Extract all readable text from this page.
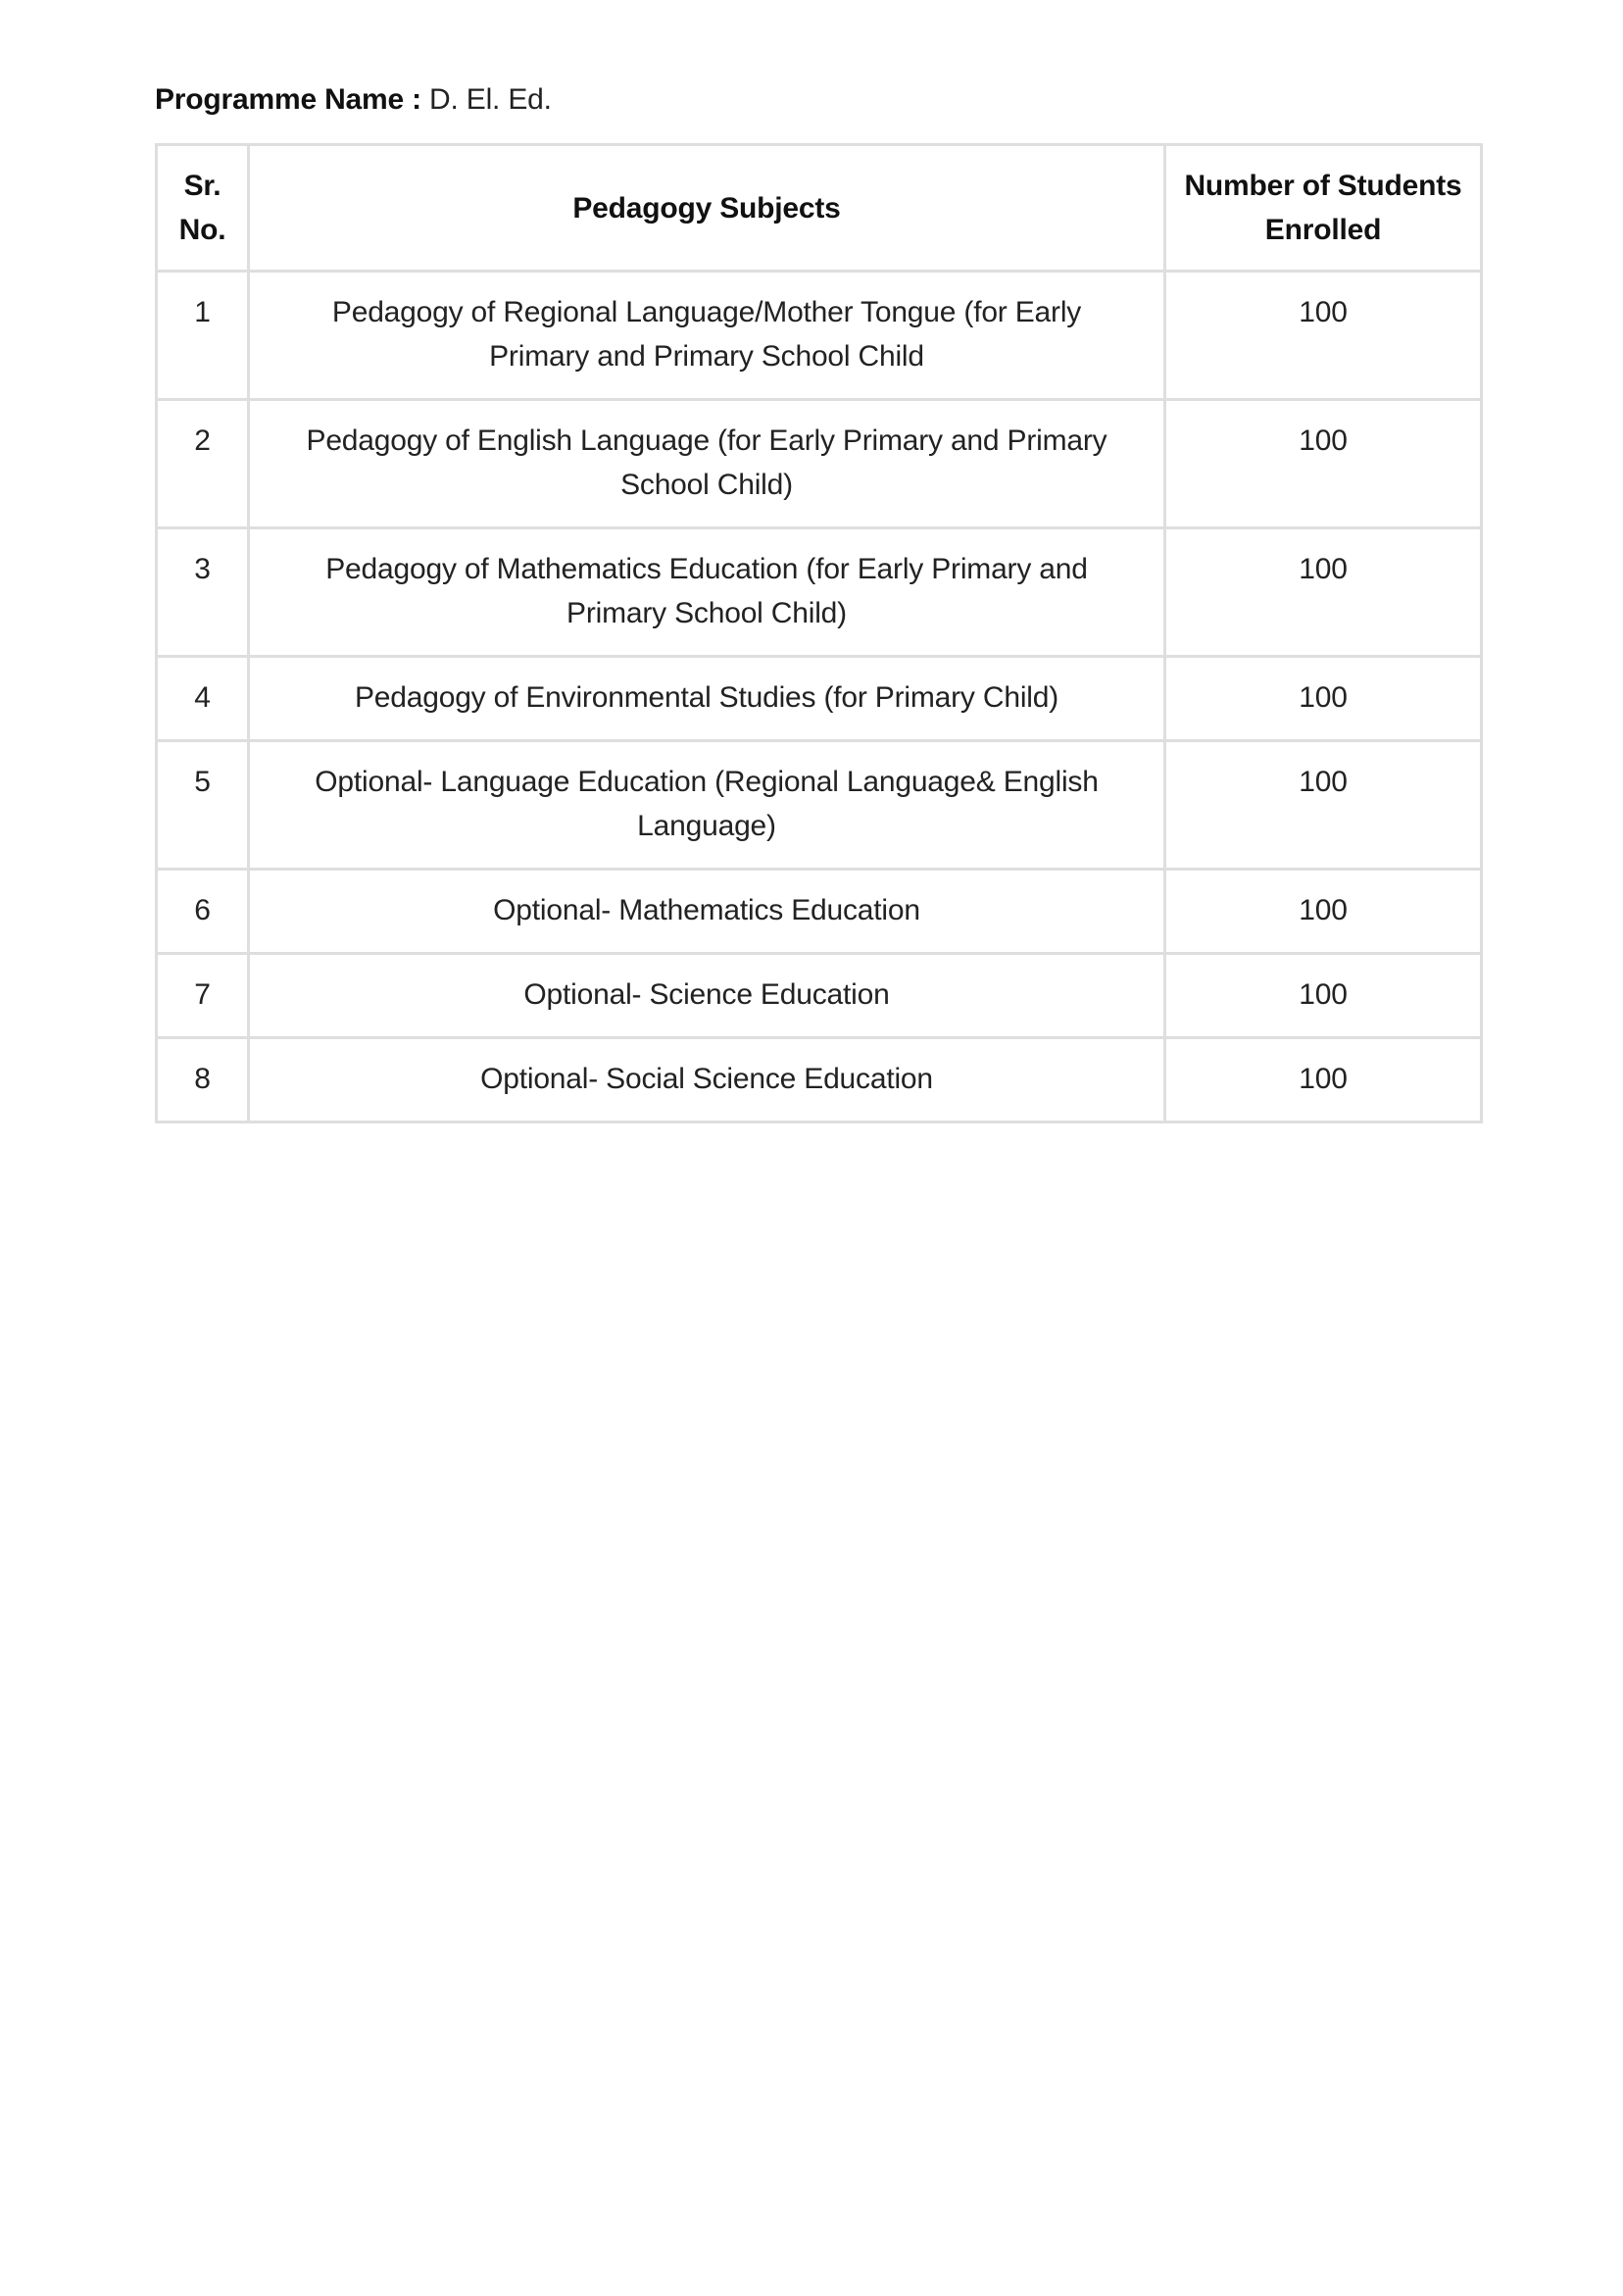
Programme Name : D. El. Ed.
Sr. No.	Pedagogy Subjects	Number of Students Enrolled
1	Pedagogy of Regional Language/Mother Tongue (for Early Primary and Primary School Child	100
2	Pedagogy of English Language (for Early Primary and Primary School Child)	100
3	Pedagogy of Mathematics Education (for Early Primary and Primary School Child)	100
4	Pedagogy of Environmental Studies (for Primary Child)	100
5	Optional- Language Education (Regional Language& English Language)	100
6	Optional- Mathematics Education	100
7	Optional- Science Education	100
8	Optional- Social Science Education	100
